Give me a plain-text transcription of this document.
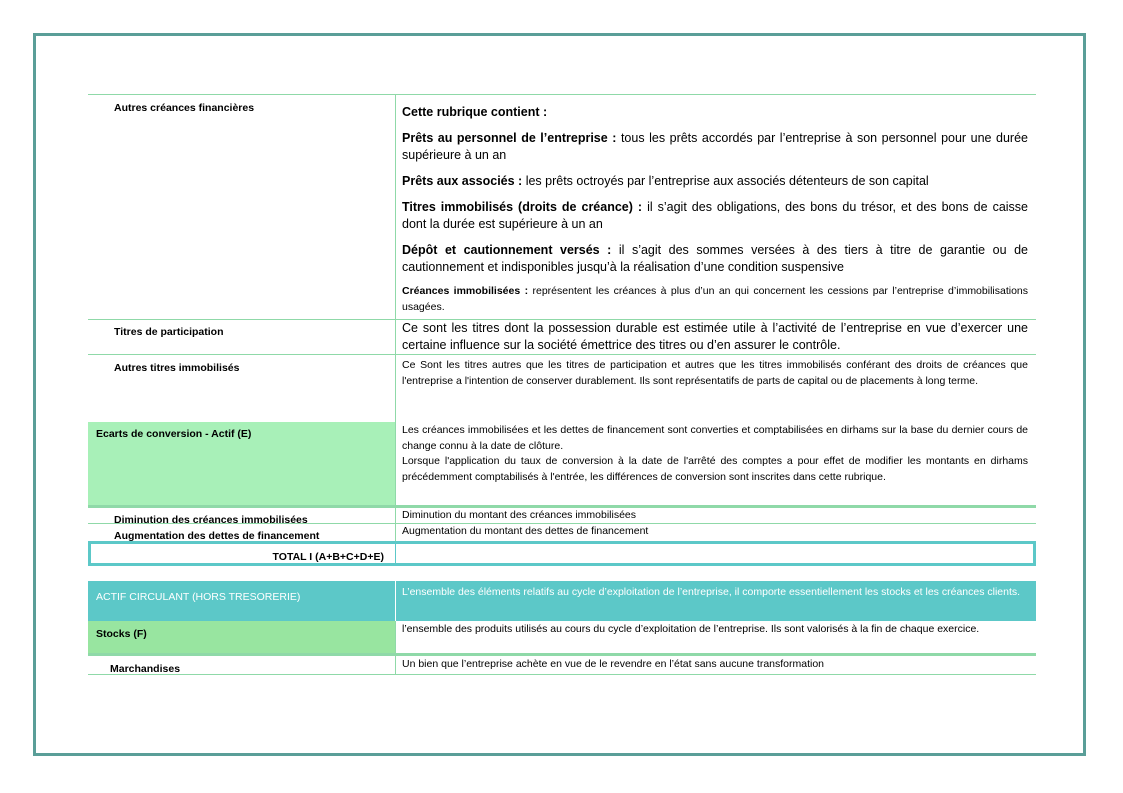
Autres créances financières	Cette rubrique contient :

Prêts au personnel de l’entreprise : tous les prêts accordés par l’entreprise à son personnel pour une durée supérieure à un an

Prêts aux associés : les prêts octroyés par l’entreprise aux associés détenteurs de son capital

Titres immobilisés (droits de créance) : il s’agit des obligations, des bons du trésor, et des bons de caisse dont la durée est supérieure à un an

Dépôt et cautionnement versés : il s’agit des sommes versées à des tiers à titre de garantie ou de cautionnement et indisponibles jusqu’à la réalisation d’une condition suspensive

Créances immobilisées : représentent les créances à plus d’un an qui concernent les cessions par l’entreprise d’immobilisations usagées.

Titres de participation	Ce sont les titres dont la possession durable est estimée utile à l’activité de l’entreprise en vue d’exercer une certaine influence sur la société émettrice des titres ou d’en assurer le contrôle.

Autres titres immobilisés	Ce Sont les titres autres que les titres de participation et autres que les titres immobilisés conférant des droits de créances que l'entreprise a l'intention de conserver durablement. Ils sont représentatifs de parts de capital ou de placements à long terme.

Ecarts de conversion - Actif (E)	Les créances immobilisées et les dettes de financement sont converties et comptabilisées en dirhams sur la base du dernier cours de change connu à la date de clôture.

Lorsque l'application du taux de conversion à la date de l'arrêté des comptes a pour effet de modifier les montants en dirhams précédemment comptabilisés à l'entrée, les différences de conversion sont inscrites dans cette rubrique.

Diminution des créances immobilisées	Diminution du montant des créances immobilisées

Augmentation des dettes de financement	Augmentation du montant des dettes de financement

TOTAL I (A+B+C+D+E)
ACTIF CIRCULANT (HORS TRESORERIE)	L’ensemble des éléments relatifs au cycle d’exploitation de l’entreprise, il comporte essentiellement les stocks et les créances clients.

Stocks (F)	l’ensemble des produits utilisés au cours du cycle d’exploitation de l’entreprise. Ils sont valorisés à la fin de chaque exercice.

Marchandises	Un bien que l’entreprise achète en vue de le revendre en l’état sans aucune transformation
